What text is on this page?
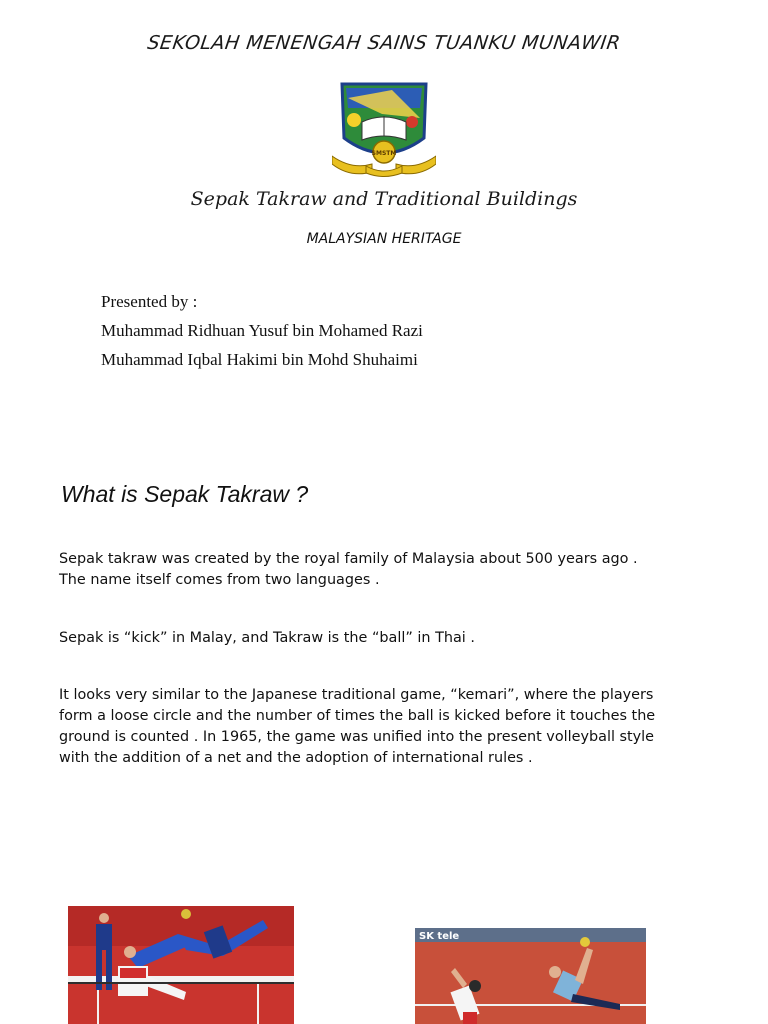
SEKOLAH MENENGAH SAINS TUANKU MUNAWIR
SMSTM
Sepak Takraw and Traditional Buildings
MALAYSIAN HERITAGE
Presented by :
Muhammad Ridhuan Yusuf bin Mohamed Razi
Muhammad Iqbal Hakimi bin Mohd Shuhaimi
What is Sepak Takraw ?
Sepak takraw was created by the royal family of Malaysia about 500 years ago .
The name itself comes from two languages .
Sepak is “kick” in Malay, and Takraw is the “ball” in Thai .
It looks very similar to the Japanese traditional game, “kemari”, where the players
form a loose circle and the number of times the ball is kicked before it touches the
ground is counted . In 1965, the game was unified into the present volleyball style
with the addition of a net and the adoption of international rules .
SK tele
